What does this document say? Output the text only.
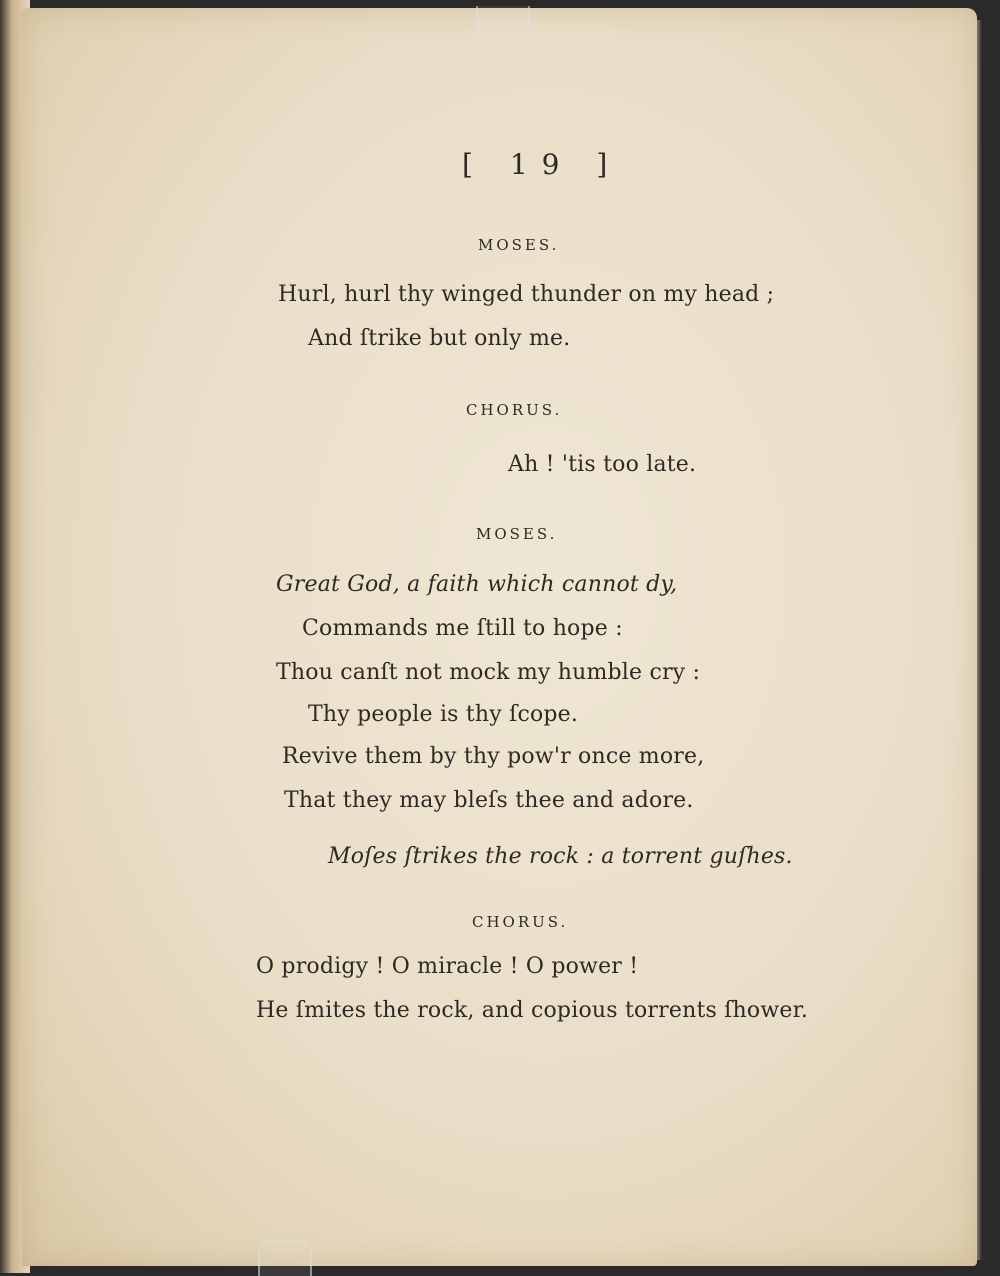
[ 19 ]

MOSES.

Hurl, hurl thy winged thunder on my head ;

And ſtrike but only me.

CHORUS.

Ah ! 'tis too late.

MOSES.

Great God, a faith which cannot dy,

Commands me ſtill to hope :

Thou canſt not mock my humble cry :

Thy people is thy ſcope.

Revive them by thy pow'r once more,

That they may bleſs thee and adore.

Moſes ſtrikes the rock : a torrent guſhes.

CHORUS.

O prodigy ! O miracle ! O power !

He ſmites the rock, and copious torrents ſhower.
